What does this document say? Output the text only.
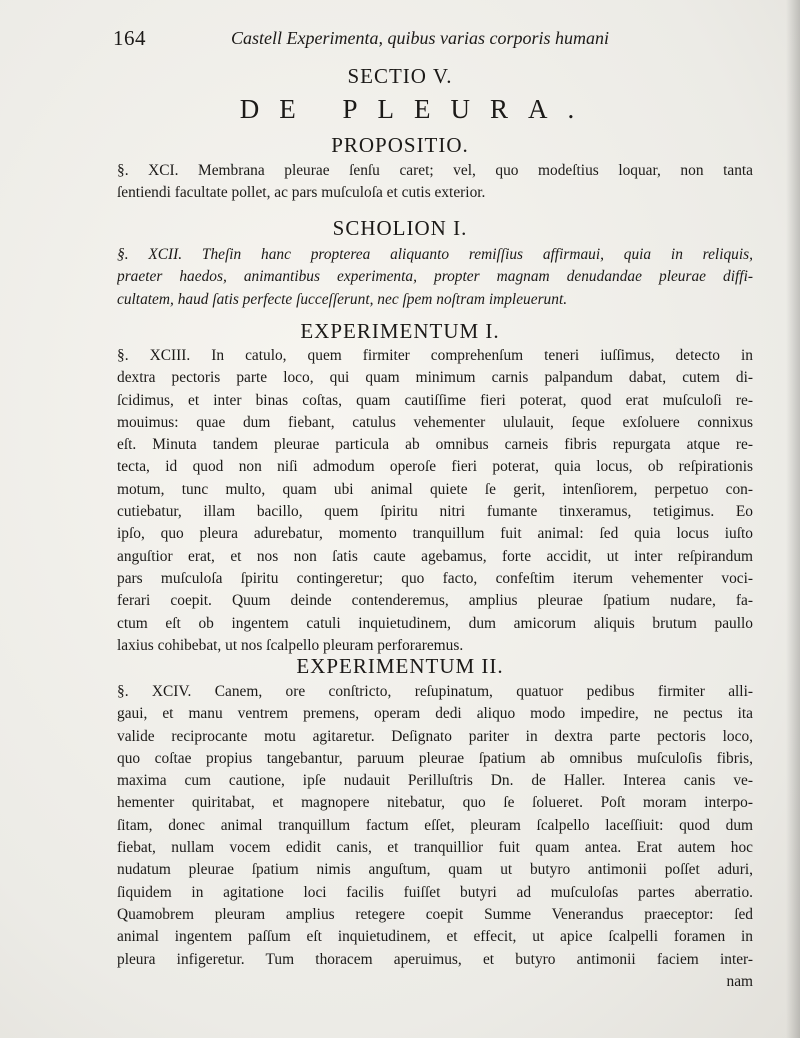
164	Castell Experimenta, quibus varias corporis humani
SECTIO V.
DE PLEURA.
PROPOSITIO.
§. XCI. Membrana pleurae ſenſu caret; vel, quo modeſtius loquar, non tanta
ſentiendi facultate pollet, ac pars muſculoſa et cutis exterior.
SCHOLION I.
§. XCII. Theſin hanc propterea aliquanto remiſſius affirmaui, quia in reliquis,
praeter haedos, animantibus experimenta, propter magnam denudandae pleurae diffi-
cultatem, haud ſatis perfecte ſucceſſerunt, nec ſpem noſtram impleuerunt.
EXPERIMENTUM I.
§. XCIII. In catulo, quem firmiter comprehenſum teneri iuſſimus, detecto in
dextra pectoris parte loco, qui quam minimum carnis palpandum dabat, cutem di-
ſcidimus, et inter binas coſtas, quam cautiſſime fieri poterat, quod erat muſculoſi re-
mouimus: quae dum fiebant, catulus vehementer ululauit, ſeque exſoluere connixus
eſt. Minuta tandem pleurae particula ab omnibus carneis fibris repurgata atque re-
tecta, id quod non niſi admodum operoſe fieri poterat, quia locus, ob reſpirationis
motum, tunc multo, quam ubi animal quiete ſe gerit, intenſiorem, perpetuo con-
cutiebatur, illam bacillo, quem ſpiritu nitri fumante tinxeramus, tetigimus. Eo
ipſo, quo pleura adurebatur, momento tranquillum fuit animal: ſed quia locus iuſto
anguſtior erat, et nos non ſatis caute agebamus, forte accidit, ut inter reſpirandum
pars muſculoſa ſpiritu contingeretur; quo facto, confeſtim iterum vehementer voci-
ferari coepit. Quum deinde contenderemus, amplius pleurae ſpatium nudare, fa-
ctum eſt ob ingentem catuli inquietudinem, dum amicorum aliquis brutum paullo
laxius cohibebat, ut nos ſcalpello pleuram perforaremus.
EXPERIMENTUM II.
§. XCIV. Canem, ore conſtricto, reſupinatum, quatuor pedibus firmiter alli-
gaui, et manu ventrem premens, operam dedi aliquo modo impedire, ne pectus ita
valide reciprocante motu agitaretur. Deſignato pariter in dextra parte pectoris loco,
quo coſtae propius tangebantur, paruum pleurae ſpatium ab omnibus muſculoſis fibris,
maxima cum cautione, ipſe nudauit Perilluſtris Dn. de Haller. Interea canis ve-
hementer quiritabat, et magnopere nitebatur, quo ſe ſolueret. Poſt moram interpo-
ſitam, donec animal tranquillum factum eſſet, pleuram ſcalpello laceſſiuit: quod dum
fiebat, nullam vocem edidit canis, et tranquillior fuit quam antea. Erat autem hoc
nudatum pleurae ſpatium nimis anguſtum, quam ut butyro antimonii poſſet aduri,
ſiquidem in agitatione loci facilis fuiſſet butyri ad muſculoſas partes aberratio.
Quamobrem pleuram amplius retegere coepit Summe Venerandus praeceptor: ſed
animal ingentem paſſum eſt inquietudinem, et effecit, ut apice ſcalpelli foramen in
pleura infigeretur. Tum thoracem aperuimus, et butyro antimonii faciem inter-
nam
